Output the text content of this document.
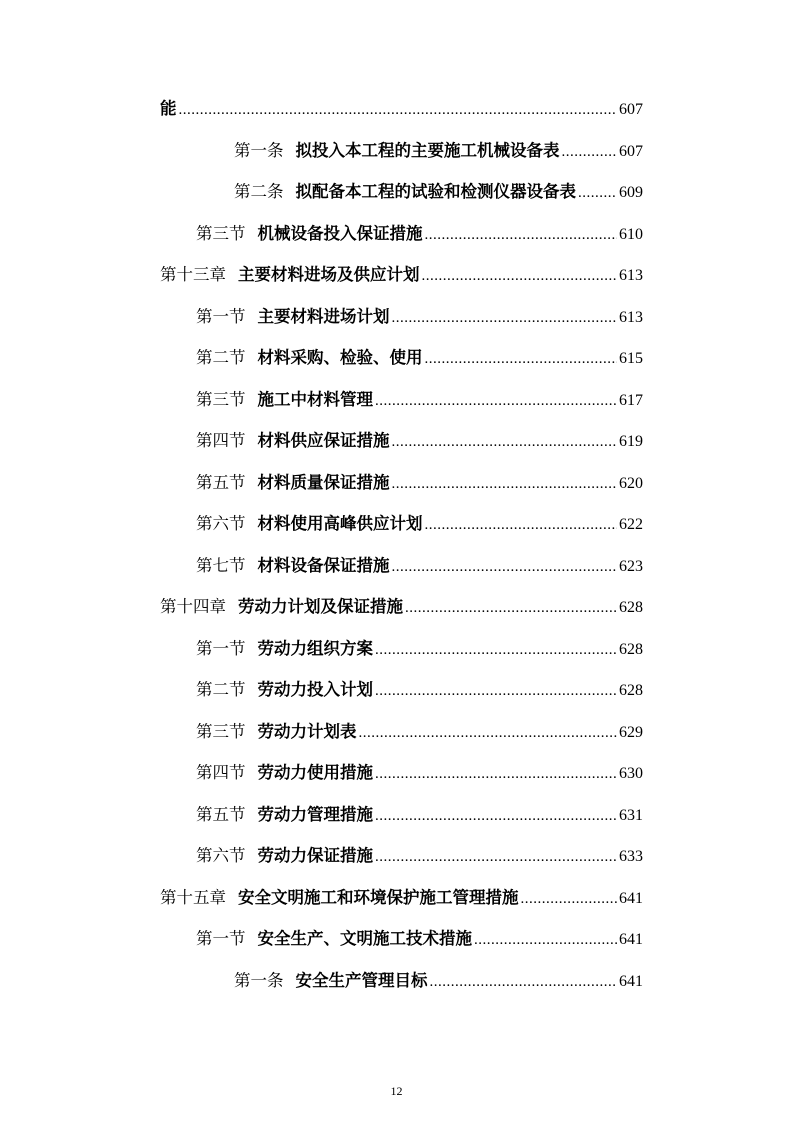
能 .....	607
第一条 拟投入本工程的主要施工机械设备表 .....	607
第二条 拟配备本工程的试验和检测仪器设备表 .....	609
第三节 机械设备投入保证措施 .....	610
第十三章 主要材料进场及供应计划 .....	613
第一节 主要材料进场计划 .....	613
第二节 材料采购、检验、使用 .....	615
第三节 施工中材料管理 .....	617
第四节 材料供应保证措施 .....	619
第五节 材料质量保证措施 .....	620
第六节 材料使用高峰供应计划 .....	622
第七节 材料设备保证措施 .....	623
第十四章 劳动力计划及保证措施 .....	628
第一节 劳动力组织方案 .....	628
第二节 劳动力投入计划 .....	628
第三节 劳动力计划表 .....	629
第四节 劳动力使用措施 .....	630
第五节 劳动力管理措施 .....	631
第六节 劳动力保证措施 .....	633
第十五章 安全文明施工和环境保护施工管理措施 .....	641
第一节 安全生产、文明施工技术措施 .....	641
第一条 安全生产管理目标 .....	641
12
